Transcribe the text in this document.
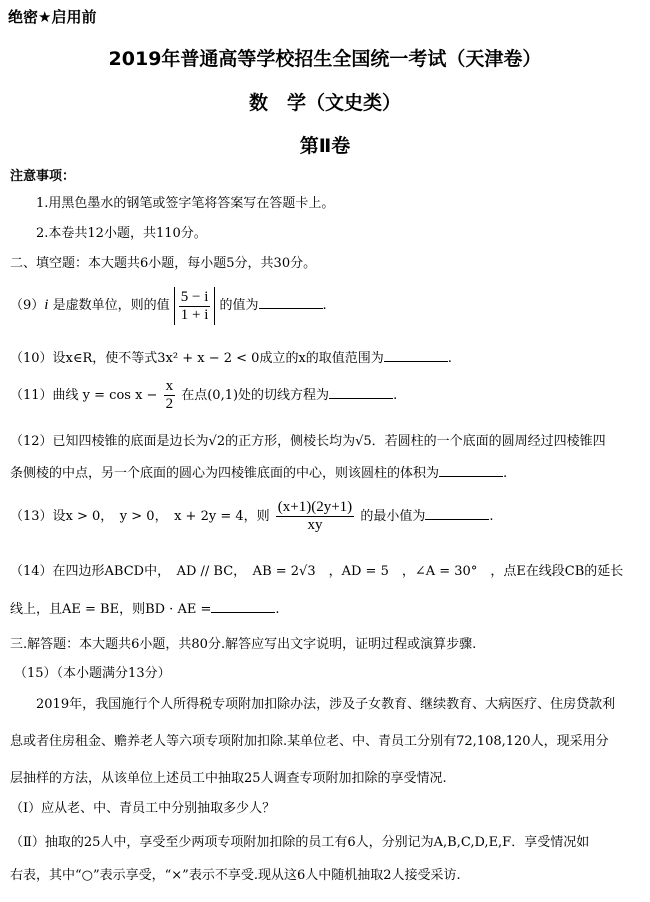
绝密★启用前
2019年普通高等学校招生全国统一考试（天津卷）
数　学（文史类）
第Ⅱ卷
注意事项：
1.用黑色墨水的钢笔或签字笔将答案写在答题卡上。
2.本卷共12小题，共110分。
二、填空题：本大题共6小题，每小题5分，共30分。
（9）i 是虚数单位，则的值 $\frac{5 - i}{1 + i}$ 的值为	.
（10）设x∈R，使不等式3x² + x − 2 < 0成立的x的取值范围为	.
（11）曲线 $y = \cos x - \frac{x}{2}$ 在点(0,1)处的切线方程为	.
（12）已知四棱锥的底面是边长为√2的正方形，侧棱长均为√5．若圆柱的一个底面的圆周经过四棱锥四
条侧棱的中点，另一个底面的圆心为四棱锥底面的中心，则该圆柱的体积为	.
（13）设x > 0，　y > 0，　x + 2y = 4，则 $\frac{(x+1)(2y+1)}{xy}$ 的最小值为	.
（14）在四边形ABCD中，　AD // BC，　AB = 2√3　，AD = 5　，∠A = 30°　，点E在线段CB的延长
线上，且AE = BE，则BD · AE =	.
三.解答题：本大题共6小题，共80分.解答应写出文字说明，证明过程或演算步骤.
（15）（本小题满分13分）
2019年，我国施行个人所得税专项附加扣除办法，涉及子女教育、继续教育、大病医疗、住房贷款利
息或者住房租金、赡养老人等六项专项附加扣除.某单位老、中、青员工分别有72,108,120人，现采用分
层抽样的方法，从该单位上述员工中抽取25人调查专项附加扣除的享受情况.
（Ⅰ）应从老、中、青员工中分别抽取多少人？
（Ⅱ）抽取的25人中，享受至少两项专项附加扣除的员工有6人，分别记为A,B,C,D,E,F．享受情况如
右表，其中“○”表示享受，“×”表示不享受.现从这6人中随机抽取2人接受采访.
